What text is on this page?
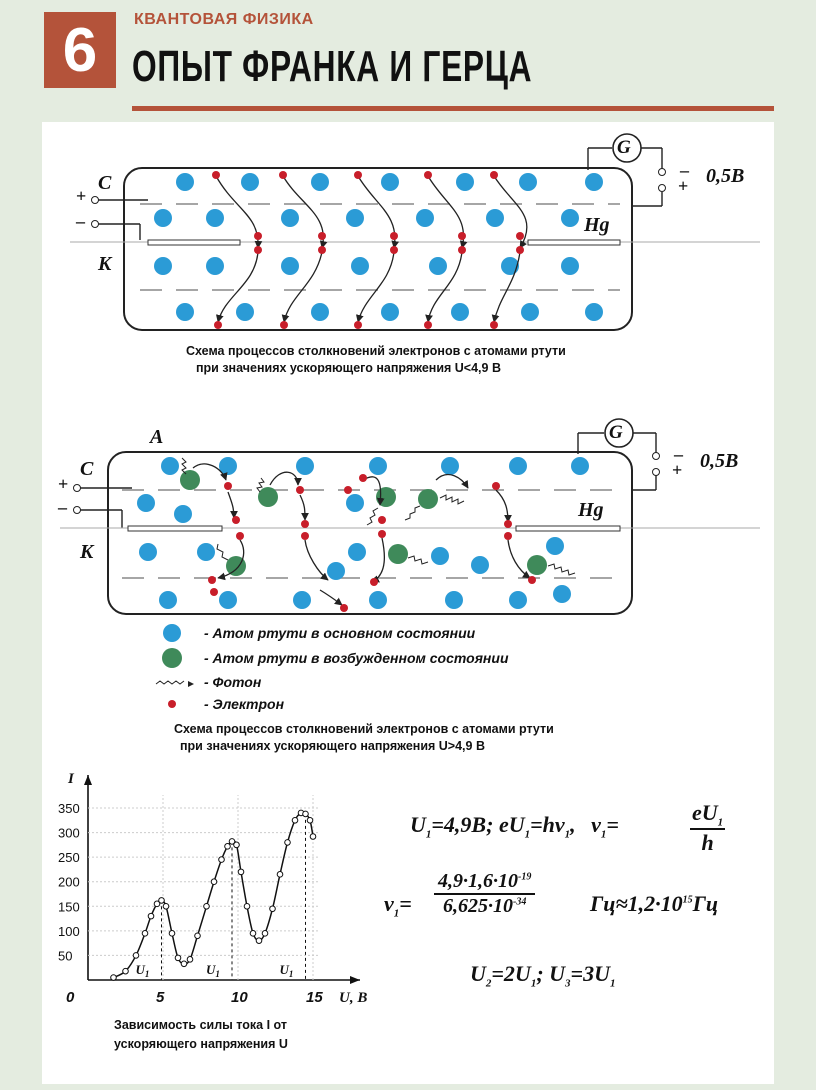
6 КВАНТОВАЯ ФИЗИКА
ОПЫТ ФРАНКА И ГЕРЦА
C
+
–
K
Hg
G
–
+ 0,5В
Схема процессов столкновений электронов с атомами ртути
при значениях ускоряющего напряжения U<4,9 В
A
C
+
–
K
Hg
G
–
+ 0,5В
- Атом ртути в основном состоянии
- Атом ртути в возбужденном состоянии
- Фотон
- Электрон
Схема процессов столкновений электронов с атомами ртути
при значениях ускоряющего напряжения U>4,9 В
50
100
150
200
250
300
350
0	5	10	15
I
U, В
$U_1$	$U_1$	$U_1$
Зависимость силы тока I от
ускоряющего напряжения U
$U_1=4,9В$; $eU_1=h\nu_1$, $\nu_1=$	$eU_1$
h
$\nu_1=$
$4,9\cdot 1,6\cdot 10^{-19}$
$6,625\cdot 10^{-34}$	$Гц\approx 1,2\cdot 10^{15}Гц$
$U_2=2U_1$; $U_3=3U_1$
